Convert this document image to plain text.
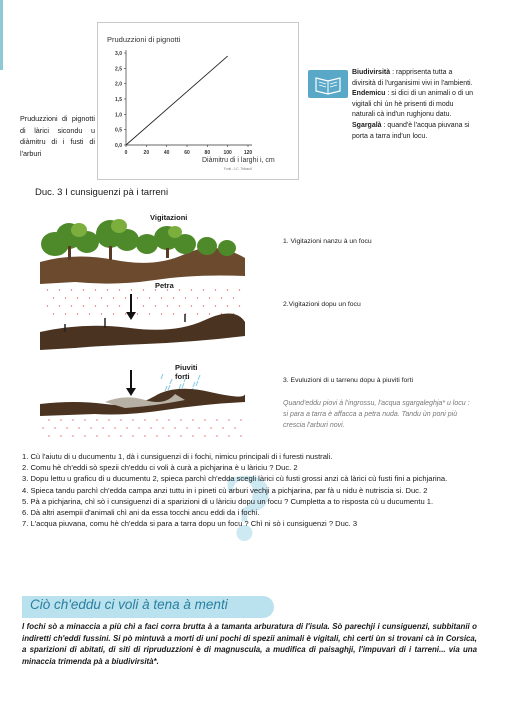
Pruduzzioni di pignotti
0,0
0,5
1,0
1,5
2,0
2,5
3,0
0	20	40	60	80	100 120
Diàmitru di i larghi i, cm
Fonti : J.C. Thibault
Pruduzzioni di pignotti di làrici sicondu u diàmitru di i fusti di l'arburi
Biudivirsità : rapprisenta tutta a divirsità di l'urganisimi vivi in l'ambienti.
Endemicu : si dici di un animali o di un vigitali chì ùn hè prisenti di modu naturali cà ind'un rughjonu datu.
Sgargalà : quand'è l'acqua piuvana si porta a tarra ind'un locu.
Duc. 3 I cunsiguenzi pà i tarreni
Vigitazioni
Petra
Piuviti forti
1. Vigitazioni nanzu à un focu
2.Vigitazioni dopu un focu
3. Evuluzioni di u tarrenu dopu à piuviti forti
Quand'eddu piovi à l'ingrossu, l'acqua sgargaleghja* u locu : si para a tarra è affacca a petra nuda. Tandu ùn poni più crescia l'arburi novi.
?

1. Cù l'aiutu di u ducumentu 1, dà i cunsiguenzi di i fochi, nimicu principali di i furesti nustrali.

2. Comu hè ch'eddi sò spezii ch'eddu ci voli à curà a pichjarina è u làriciu ? Duc. 2

3. Dopu lettu u graficu di u ducumentu 2, spieca parchì ch'edda scegli làrici cù fusti grossi anzi cà làrici cù fusti fini a pichjarina.

4. Spieca tandu parchì ch'edda campa anzi tuttu in i pineti cù arburi vechji a pichjarina, par fà u nidu è nutriscia si. Duc. 2

5. Pà a pichjarina, chì sò i cunsiguenzi di a sparizioni di u làriciu dopu un focu ? Cumpletta a to risposta cù u ducumentu 1.

6. Dà altri asempii d'animali chì ani da essa tocchi ancu eddi da i fochi.

7. L'acqua piuvana, comu hè ch'edda si para a tarra dopu un focu ? Chì ni sò i cunsiguenzi ? Duc. 3

Ciò ch'eddu ci voli à tena à menti
I fochi sò a minaccia a più chì a faci corra brutta à a tamanta arburatura di l'isula. Sò parechji i cunsiguenzi, subbitanii o indiretti ch'eddi fussini. Si pò mintuvà a morti di uni pochi di spezii animali è vigitali, chì certi ùn si trovani cà in Corsica, a sparizioni di abitati, di siti di ripruduzzioni è di magnuscula, a mudifica di paisaghji, l'impuvarì di i tarreni... via una minaccia trimenda pà a biudivirsità*.
